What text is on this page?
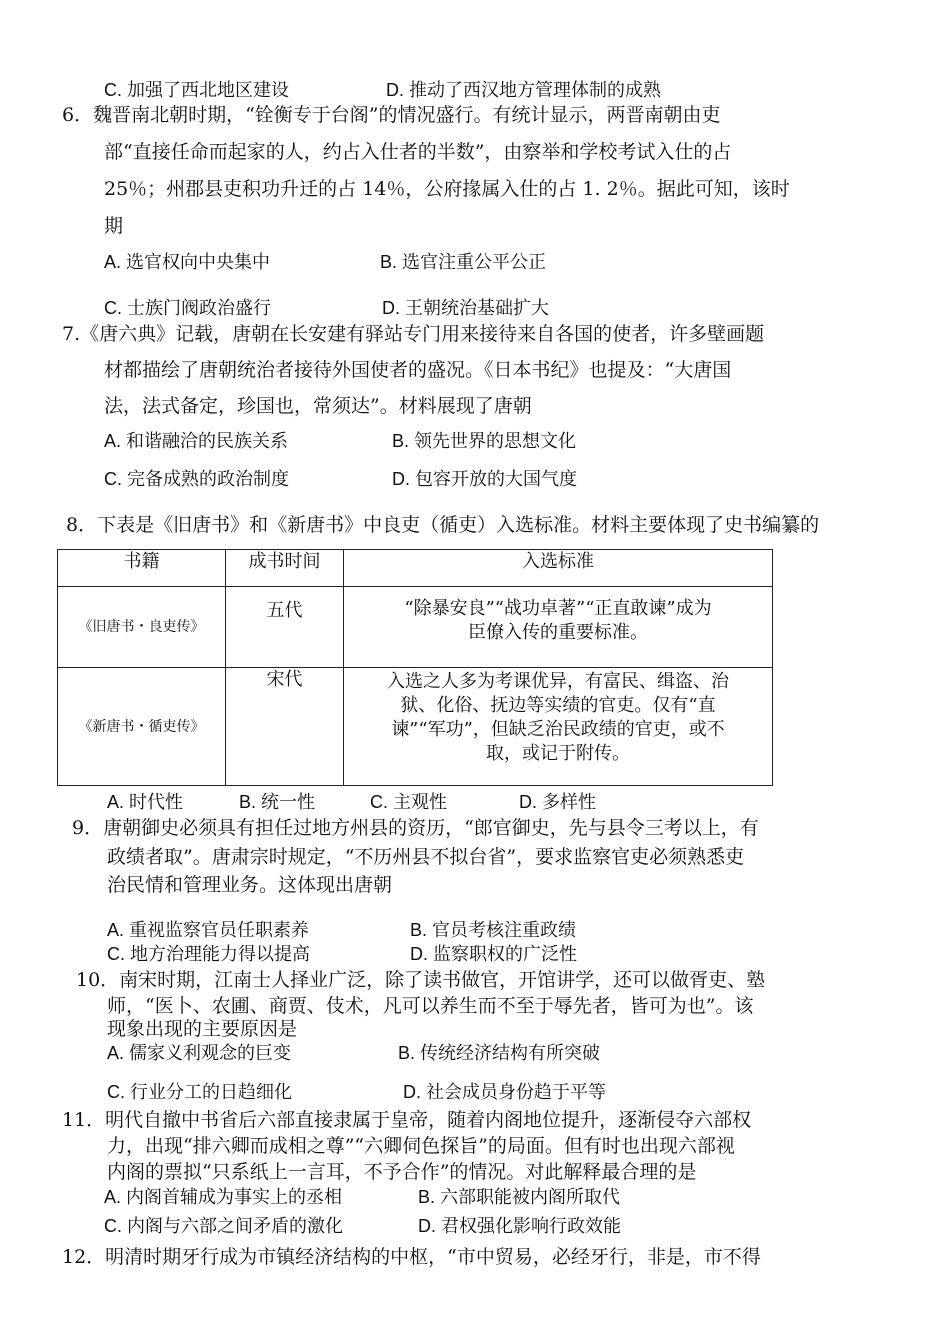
C. 加强了西北地区建设	D. 推动了西汉地方管理体制的成熟
6．魏晋南北朝时期，“铨衡专于台阁”的情况盛行。有统计显示，两晋南朝由吏
部“直接任命而起家的人，约占入仕者的半数”，由察举和学校考试入仕的占
25％；州郡县吏积功升迁的占 14％，公府掾属入仕的占 1. 2％。据此可知，该时
期
A. 选官权向中央集中	B. 选官注重公平公正
C. 士族门阀政治盛行	D. 王朝统治基础扩大
7.《唐六典》记载，唐朝在长安建有驿站专门用来接待来自各国的使者，许多壁画题
材都描绘了唐朝统治者接待外国使者的盛况。《日本书纪》也提及：“大唐国
法，法式备定，珍国也，常须达”。材料展现了唐朝
A. 和谐融洽的民族关系	B. 领先世界的思想文化
C. 完备成熟的政治制度	D. 包容开放的大国气度
8．下表是《旧唐书》和《新唐书》中良吏（循吏）入选标准。材料主要体现了史书编纂的
书籍	成书时间	入选标准
《旧唐书・良吏传》	五代	“除暴安良”“战功卓著”“正直敢谏”成为
臣僚入传的重要标准。

《新唐书・循吏传》	宋代	入选之人多为考课优异，有富民、缉盗、治
狱、化俗、抚边等实绩的官吏。仅有“直
谏”“军功”，但缺乏治民政绩的官吏，或不
取，或记于附传。
A. 时代性	B. 统一性	C. 主观性	D. 多样性
9．唐朝御史必须具有担任过地方州县的资历，“郎官御史，先与县令三考以上，有
政绩者取”。唐肃宗时规定，“不历州县不拟台省”，要求监察官吏必须熟悉吏
治民情和管理业务。这体现出唐朝
A. 重视监察官员任职素养	B. 官员考核注重政绩
C. 地方治理能力得以提高	D. 监察职权的广泛性
10．南宋时期，江南士人择业广泛，除了读书做官，开馆讲学，还可以做胥吏、塾
师，“医卜、农圃、商贾、伎术，凡可以养生而不至于辱先者，皆可为也”。该
现象出现的主要原因是
A. 儒家义利观念的巨变	B. 传统经济结构有所突破
C. 行业分工的日趋细化	D. 社会成员身份趋于平等
11．明代自撤中书省后六部直接隶属于皇帝，随着内阁地位提升，逐渐侵夺六部权
力，出现“排六卿而成相之尊”“六卿伺色探旨”的局面。但有时也出现六部视
内阁的票拟“只系纸上一言耳，不予合作”的情况。对此解释最合理的是
A. 内阁首辅成为事实上的丞相	B. 六部职能被内阁所取代
C. 内阁与六部之间矛盾的激化	D. 君权强化影响行政效能
12．明清时期牙行成为市镇经济结构的中枢，“市中贸易，必经牙行，非是，市不得
